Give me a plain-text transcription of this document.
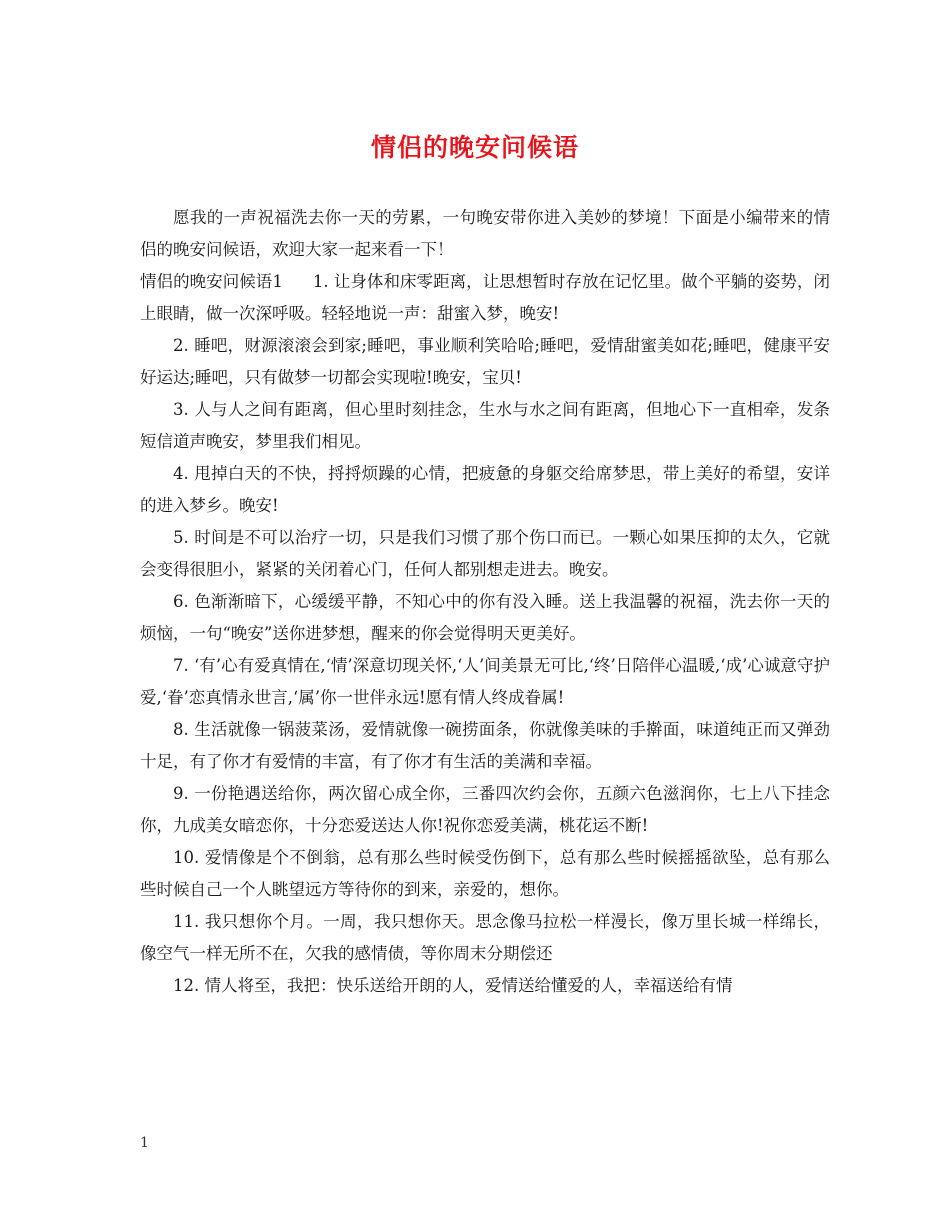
情侣的晚安问候语

愿我的一声祝福洗去你一天的劳累，一句晚安带你进入美妙的梦境！下面是小编带来的情侣的晚安问候语，欢迎大家一起来看一下！

情侣的晚安问候语1 1. 让身体和床零距离，让思想暂时存放在记忆里。做个平躺的姿势，闭上眼睛，做一次深呼吸。轻轻地说一声：甜蜜入梦，晚安!

2. 睡吧，财源滚滚会到家;睡吧，事业顺利笑哈哈;睡吧，爱情甜蜜美如花;睡吧，健康平安好运达;睡吧，只有做梦一切都会实现啦!晚安，宝贝!

3. 人与人之间有距离，但心里时刻挂念，生水与水之间有距离，但地心下一直相牵，发条短信道声晚安，梦里我们相见。

4. 甩掉白天的不快，捋捋烦躁的心情，把疲惫的身躯交给席梦思，带上美好的希望，安详的进入梦乡。晚安!

5. 时间是不可以治疗一切，只是我们习惯了那个伤口而已。一颗心如果压抑的太久，它就会变得很胆小，紧紧的关闭着心门，任何人都别想走进去。晚安。

6. 色渐渐暗下，心缓缓平静，不知心中的你有没入睡。送上我温馨的祝福，洗去你一天的烦恼，一句“晚安”送你进梦想，醒来的你会觉得明天更美好。

7. ‘有’心有爱真情在,‘情’深意切现关怀,‘人’间美景无可比,‘终’日陪伴心温暖,‘成’心诚意守护爱,‘眷’恋真情永世言,‘属’你一世伴永远!愿有情人终成眷属!

8. 生活就像一锅菠菜汤，爱情就像一碗捞面条，你就像美味的手擀面，味道纯正而又弹劲十足，有了你才有爱情的丰富，有了你才有生活的美满和幸福。

9. 一份艳遇送给你，两次留心成全你，三番四次约会你，五颜六色滋润你，七上八下挂念你，九成美女暗恋你，十分恋爱送达人你!祝你恋爱美满，桃花运不断!

10. 爱情像是个不倒翁，总有那么些时候受伤倒下，总有那么些时候摇摇欲坠，总有那么些时候自己一个人眺望远方等待你的到来，亲爱的，想你。

11. 我只想你个月。一周，我只想你天。思念像马拉松一样漫长，像万里长城一样绵长，像空气一样无所不在，欠我的感情债，等你周末分期偿还

12. 情人将至，我把：快乐送给开朗的人，爱情送给懂爱的人，幸福送给有情

1
